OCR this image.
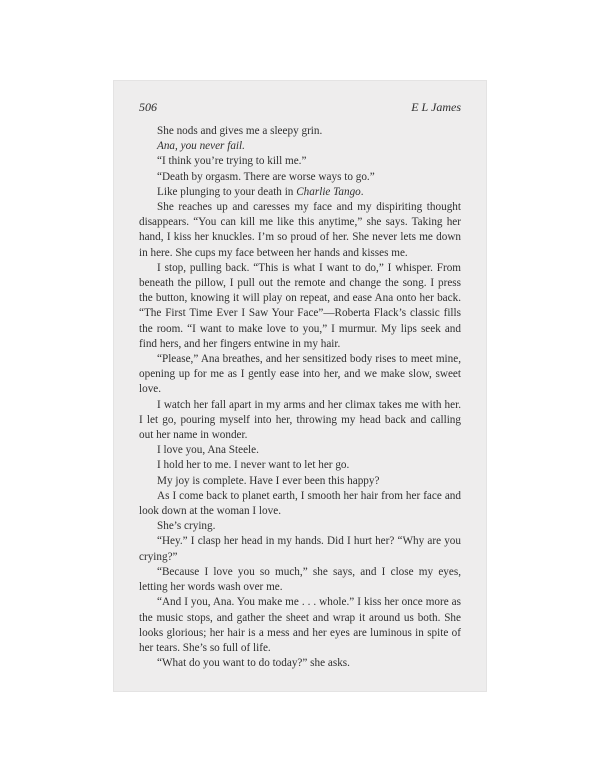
506	E L James

She nods and gives me a sleepy grin.

Ana, you never fail.

“I think you’re trying to kill me.”

“Death by orgasm. There are worse ways to go.”

Like plunging to your death in Charlie Tango.

She reaches up and caresses my face and my dispiriting thought disappears. “You can kill me like this anytime,” she says. Taking her hand, I kiss her knuckles. I’m so proud of her. She never lets me down in here. She cups my face between her hands and kisses me.

I stop, pulling back. “This is what I want to do,” I whisper. From beneath the pillow, I pull out the remote and change the song. I press the button, knowing it will play on repeat, and ease Ana onto her back. “The First Time Ever I Saw Your Face”—Roberta Flack’s classic fills the room. “I want to make love to you,” I murmur. My lips seek and find hers, and her fingers entwine in my hair.

“Please,” Ana breathes, and her sensitized body rises to meet mine, opening up for me as I gently ease into her, and we make slow, sweet love.

I watch her fall apart in my arms and her climax takes me with her. I let go, pouring myself into her, throwing my head back and calling out her name in wonder.

I love you, Ana Steele.

I hold her to me. I never want to let her go.

My joy is complete. Have I ever been this happy?

As I come back to planet earth, I smooth her hair from her face and look down at the woman I love.

She’s crying.

“Hey.” I clasp her head in my hands. Did I hurt her? “Why are you crying?”

“Because I love you so much,” she says, and I close my eyes, letting her words wash over me.

“And I you, Ana. You make me . . . whole.” I kiss her once more as the music stops, and gather the sheet and wrap it around us both. She looks glorious; her hair is a mess and her eyes are luminous in spite of her tears. She’s so full of life.

“What do you want to do today?” she asks.
